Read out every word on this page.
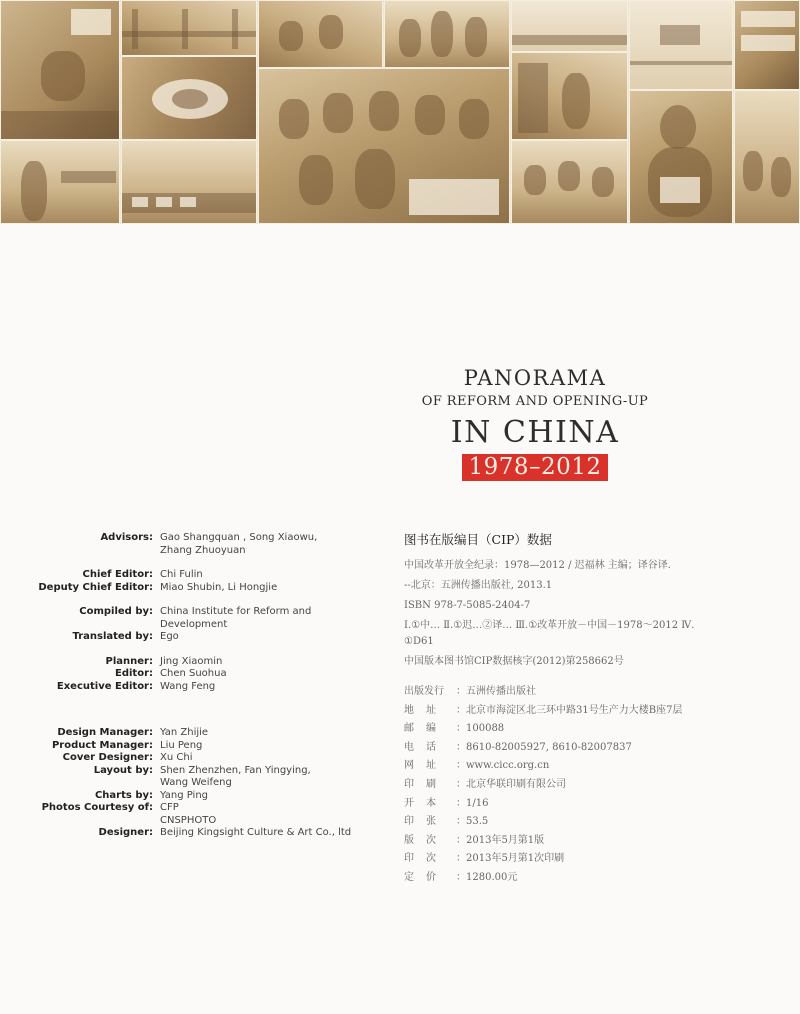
PANORAMA
OF REFORM AND OPENING-UP
IN CHINA
1978–2012
Advisors: Gao Shangquan , Song Xiaowu,
Zhang Zhuoyuan
Chief Editor: Chi Fulin
Deputy Chief Editor: Miao Shubin, Li Hongjie
Compiled by: China Institute for Reform and
Development
Translated by: Ego
Planner: Jing Xiaomin
Editor: Chen Suohua
Executive Editor: Wang Feng
Design Manager: Yan Zhijie
Product Manager: Liu Peng
Cover Designer: Xu Chi
Layout by: Shen Zhenzhen, Fan Yingying,
Wang Weifeng
Charts by: Yang Ping
Photos Courtesy of: CFP
CNSPHOTO
Designer: Beijing Kingsight Culture & Art Co., ltd
图书在版编目（CIP）数据
中国改革开放全纪录：1978—2012 / 迟福林 主编；译谷译.
--北京：五洲传播出版社, 2013.1
ISBN 978-7-5085-2404-7
Ⅰ.①中… Ⅱ.①迟…②译… Ⅲ.①改革开放－中国－1978～2012 Ⅳ.
①D61
中国版本图书馆CIP数据核字(2012)第258662号
出版发行	： 五洲传播出版社
地址 ： 北京市海淀区北三环中路31号生产力大楼B座7层
邮编 ： 100088
电话 ： 8610-82005927, 8610-82007837
网址 ： www.cicc.org.cn
印刷 ： 北京华联印刷有限公司
开本 ： 1/16
印张 ： 53.5
版次 ： 2013年5月第1版
印次 ： 2013年5月第1次印刷
定价 ： 1280.00元
